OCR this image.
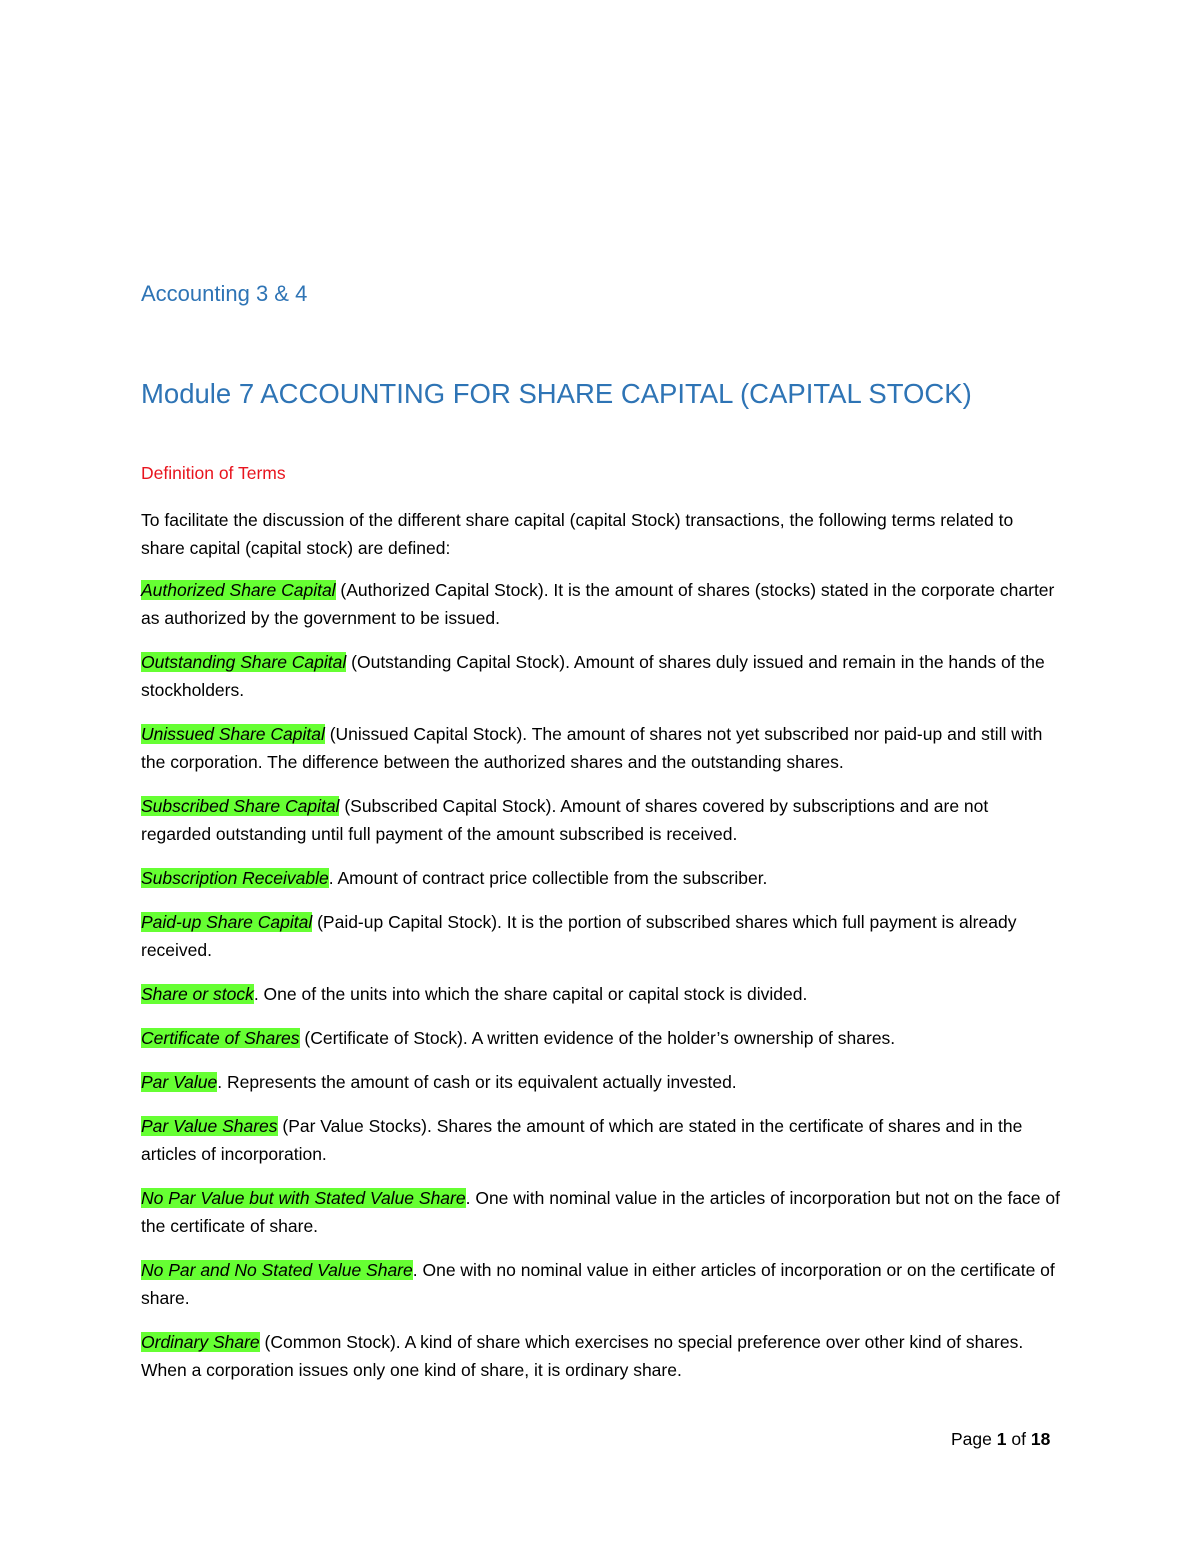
Accounting 3 & 4
Module 7 ACCOUNTING FOR SHARE CAPITAL (CAPITAL STOCK)
Definition of Terms

To facilitate the discussion of the different share capital (capital Stock) transactions, the following terms related to share capital (capital stock) are defined:

Authorized Share Capital (Authorized Capital Stock). It is the amount of shares (stocks) stated in the corporate charter as authorized by the government to be issued.

Outstanding Share Capital (Outstanding Capital Stock). Amount of shares duly issued and remain in the hands of the stockholders.

Unissued Share Capital (Unissued Capital Stock). The amount of shares not yet subscribed nor paid-up and still with the corporation. The difference between the authorized shares and the outstanding shares.

Subscribed Share Capital (Subscribed Capital Stock). Amount of shares covered by subscriptions and are not regarded outstanding until full payment of the amount subscribed is received.

Subscription Receivable. Amount of contract price collectible from the subscriber.

Paid-up Share Capital (Paid-up Capital Stock). It is the portion of subscribed shares which full payment is already received.

Share or stock. One of the units into which the share capital or capital stock is divided.

Certificate of Shares (Certificate of Stock). A written evidence of the holder’s ownership of shares.

Par Value. Represents the amount of cash or its equivalent actually invested.

Par Value Shares (Par Value Stocks). Shares the amount of which are stated in the certificate of shares and in the articles of incorporation.

No Par Value but with Stated Value Share. One with nominal value in the articles of incorporation but not on the face of the certificate of share.

No Par and No Stated Value Share. One with no nominal value in either articles of incorporation or on the certificate of share.

Ordinary Share (Common Stock). A kind of share which exercises no special preference over other kind of shares. When a corporation issues only one kind of share, it is ordinary share.

Page 1 of 18
